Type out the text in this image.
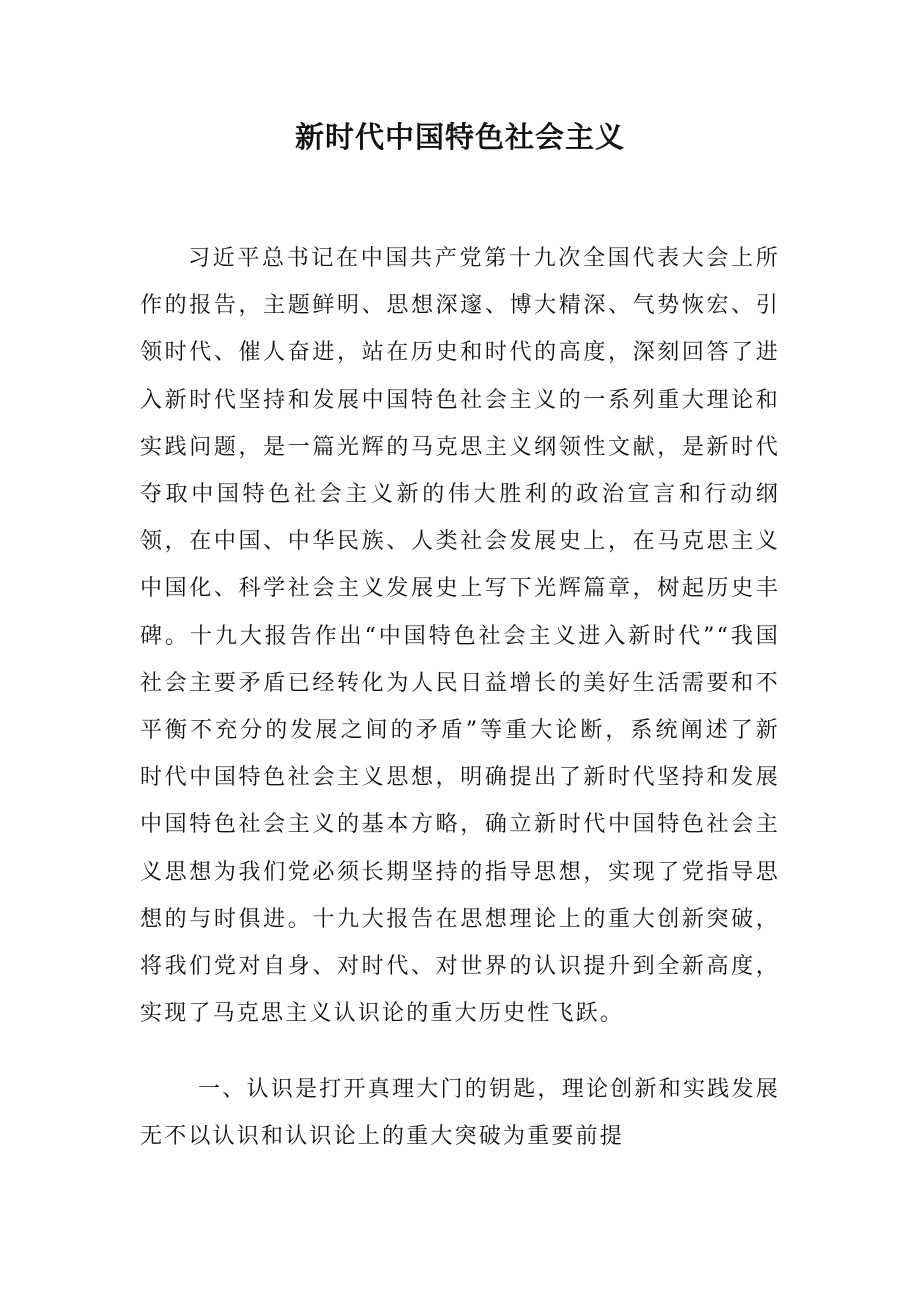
新时代中国特色社会主义

习近平总书记在中国共产党第十九次全国代表大会上所作的报告，主题鲜明、思想深邃、博大精深、气势恢宏、引领时代、催人奋进，站在历史和时代的高度，深刻回答了进入新时代坚持和发展中国特色社会主义的一系列重大理论和实践问题，是一篇光辉的马克思主义纲领性文献，是新时代夺取中国特色社会主义新的伟大胜利的政治宣言和行动纲领，在中国、中华民族、人类社会发展史上，在马克思主义中国化、科学社会主义发展史上写下光辉篇章，树起历史丰碑。十九大报告作出“中国特色社会主义进入新时代”“我国社会主要矛盾已经转化为人民日益增长的美好生活需要和不平衡不充分的发展之间的矛盾”等重大论断，系统阐述了新时代中国特色社会主义思想，明确提出了新时代坚持和发展中国特色社会主义的基本方略，确立新时代中国特色社会主义思想为我们党必须长期坚持的指导思想，实现了党指导思想的与时俱进。十九大报告在思想理论上的重大创新突破，将我们党对自身、对时代、对世界的认识提升到全新高度，实现了马克思主义认识论的重大历史性飞跃。

一、认识是打开真理大门的钥匙，理论创新和实践发展无不以认识和认识论上的重大突破为重要前提
